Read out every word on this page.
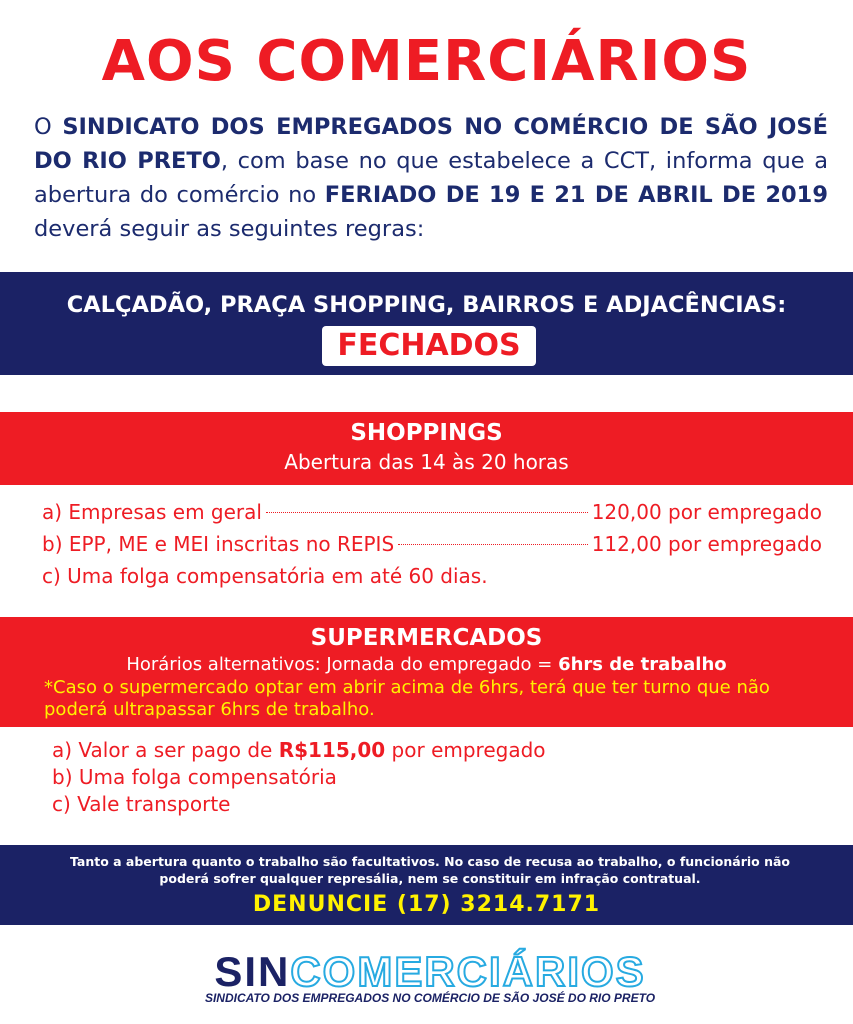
AOS COMERCIÁRIOS

O SINDICATO DOS EMPREGADOS NO COMÉRCIO DE SÃO JOSÉ DO RIO PRETO, com base no que estabelece a CCT, informa que a abertura do comércio no FERIADO DE 19 E 21 DE ABRIL DE 2019 deverá seguir as seguintes regras:

CALÇADÃO, PRAÇA SHOPPING, BAIRROS E ADJACÊNCIAS:
FECHADOS
SHOPPINGS
Abertura das 14 às 20 horas
a) Empresas em geral	120,00 por empregado
b) EPP, ME e MEI inscritas no REPIS	112,00 por empregado
c) Uma folga compensatória em até 60 dias.
SUPERMERCADOS
Horários alternativos: Jornada do empregado = 6hrs de trabalho
*Caso o supermercado optar em abrir acima de 6hrs, terá que ter turno que não poderá ultrapassar 6hrs de trabalho.
a) Valor a ser pago de R$115,00 por empregado
b) Uma folga compensatória
c) Vale transporte
Tanto a abertura quanto o trabalho são facultativos. No caso de recusa ao trabalho, o funcionário não poderá sofrer qualquer represália, nem se constituir em infração contratual.
DENUNCIE (17) 3214.7171
SINCOMERCIÁRIOS
SINDICATO DOS EMPREGADOS NO COMÉRCIO DE SÃO JOSÉ DO RIO PRETO
